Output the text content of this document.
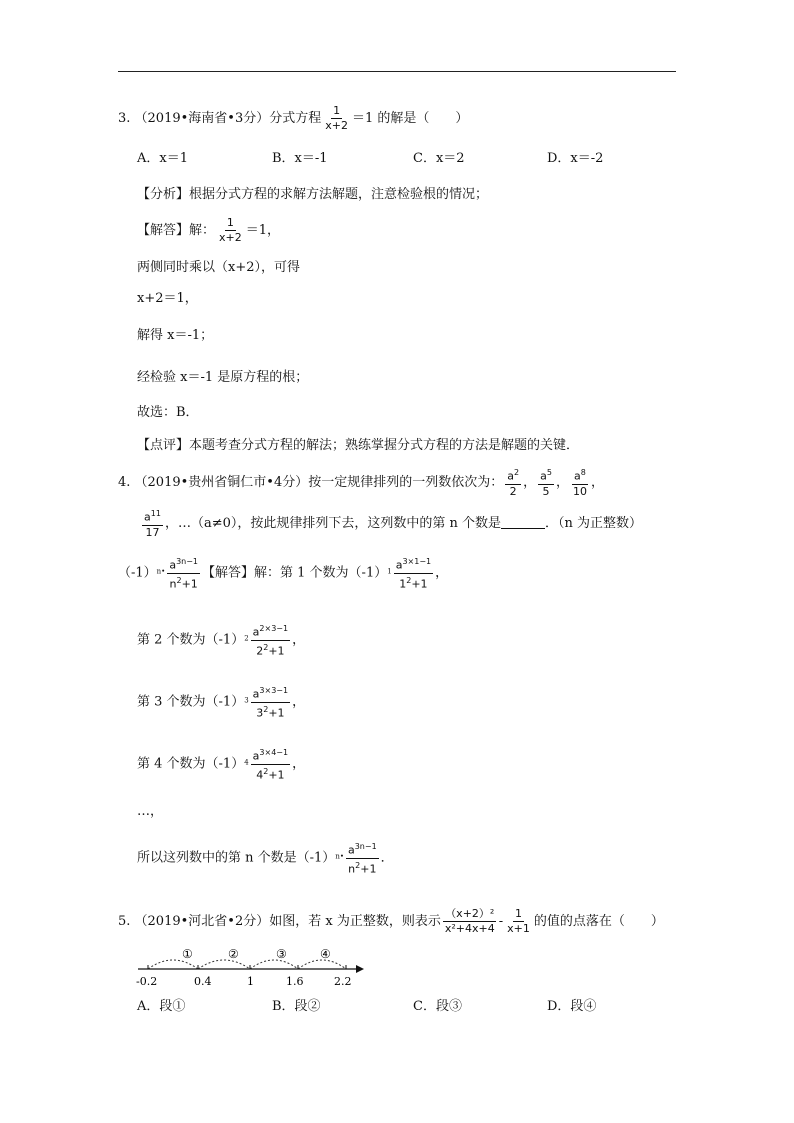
3. （2019•海南省•3分）分式方程 $\frac{1}{x+2} =1$ 的解是（　　）
A．x＝1	B．x＝-1	C．x＝2	D．x＝-2
【分析】根据分式方程的求解方法解题，注意检验根的情况；
【解答】解： $\frac{1}{x+2} =1$，
两侧同时乘以（x+2），可得
x+2＝1，
解得 x＝-1；
经检验 x＝-1 是原方程的根；
故选：B．
【点评】本题考查分式方程的解法；熟练掌握分式方程的方法是解题的关键．
4. （2019•贵州省铜仁市•4分）按一定规律排列的一列数依次为： $\frac{a^2}{2}$ ， $\frac{a^5}{5}$ ， $\frac{a^8}{10}$ ，
$\frac{a^{11}}{17}$ ，…（a≠0），按此规律排列下去，这列数中的第 n 个数是	．（n 为正整数）
$(-1)^{n•} \frac{a^{3n-1}}{n^2+1}$ 【解答】解：第 1 个数为$(-1)^1 \frac{a^{3\times 1-1}}{1^2+1}$ ，
第 2 个数为$(-1)^2 \frac{a^{2\times 3-1}}{2^2+1}$ ，
第 3 个数为$(-1)^3 \frac{a^{3\times 3-1}}{3^2+1}$ ，
第 4 个数为$(-1)^4 \frac{a^{3\times 4-1}}{4^2+1}$ ，
…，
所以这列数中的第 n 个数是$(-1)^{n•} \frac{a^{3n-1}}{n^2+1}$ ．
5. （2019•河北省•2分）如图，若 x 为正整数，则表示 $\frac{\text{（x+2）²}}{\text{x²+4x+4}} - \frac{1}{x+1}$ 的值的点落在（　　）
①	②	③	④
-0.2	0.4	1	1.6	2.2
A．段①	B．段②	C．段③	D．段④
